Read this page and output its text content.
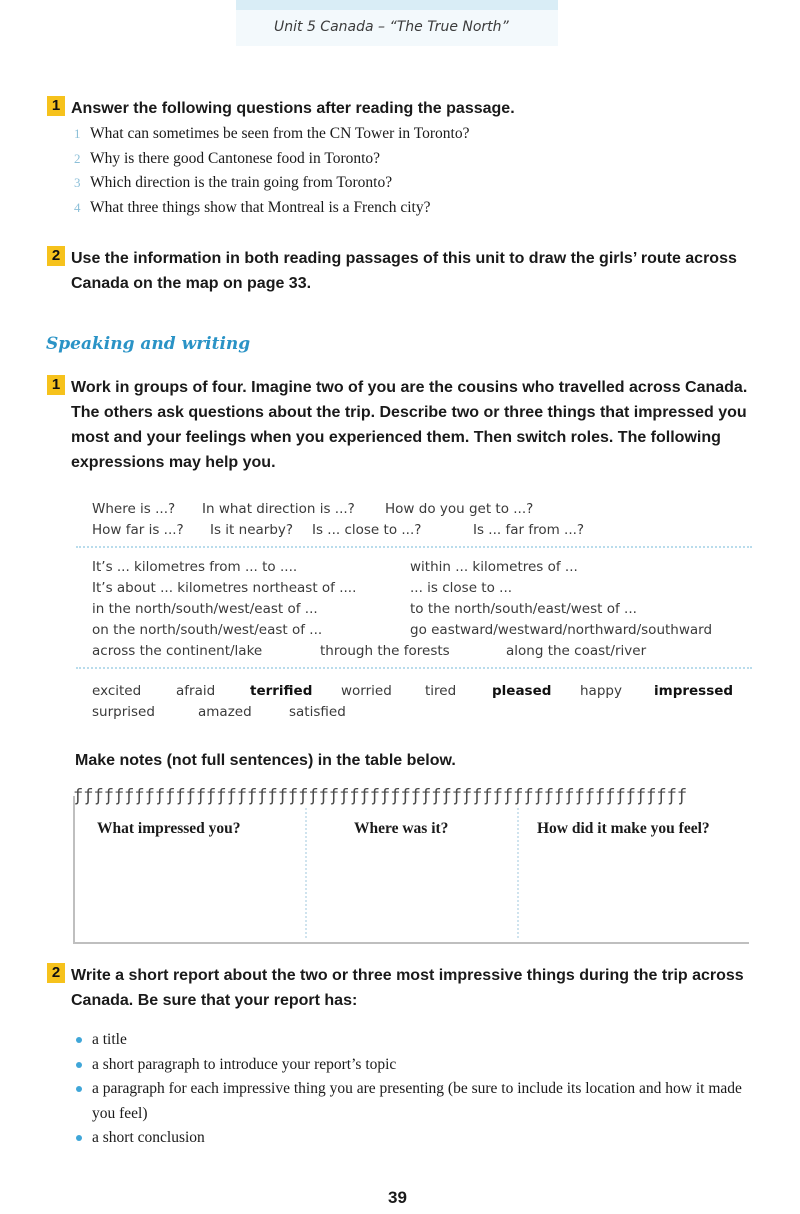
Unit 5 Canada – “The True North”
1 Answer the following questions after reading the passage.
1 What can sometimes be seen from the CN Tower in Toronto?
2 Why is there good Cantonese food in Toronto?
3 Which direction is the train going from Toronto?
4 What three things show that Montreal is a French city?
2 Use the information in both reading passages of this unit to draw the girls’ route across Canada on the map on page 33.
Speaking and writing
1 Work in groups of four. Imagine two of you are the cousins who travelled across Canada. The others ask questions about the trip. Describe two or three things that impressed you most and your feelings when you experienced them. Then switch roles. The following expressions may help you.
Where is ...? In what direction is ...? How do you get to ...?
How far is ...? Is it nearby? Is ... close to ...?	Is ... far from ...?
It’s ... kilometres from ... to ....	within ... kilometres of ...
It’s about ... kilometres northeast of ....	... is close to ...
in the north/south/west/east of ...	to the north/south/east/west of ...
on the north/south/west/east of ...	go eastward/westward/northward/southward
across the continent/lake	through the forests	along the coast/river
excited	afraid	terrified worried tired	pleased happy impressed
surprised	amazed	satisfied
Make notes (not full sentences) in the table below.
ƒƒƒƒƒƒƒƒƒƒƒƒƒƒƒƒƒƒƒƒƒƒƒƒƒƒƒƒƒƒƒƒƒƒƒƒƒƒƒƒƒƒƒƒƒƒƒƒƒƒƒƒƒƒƒƒƒƒƒƒ
What impressed you?	Where was it?	How did it make you feel?
2 Write a short report about the two or three most impressive things during the trip across Canada. Be sure that your report has:
a title
a short paragraph to introduce your report’s topic
a paragraph for each impressive thing you are presenting (be sure to include its location and how it made you feel)
a short conclusion
39
